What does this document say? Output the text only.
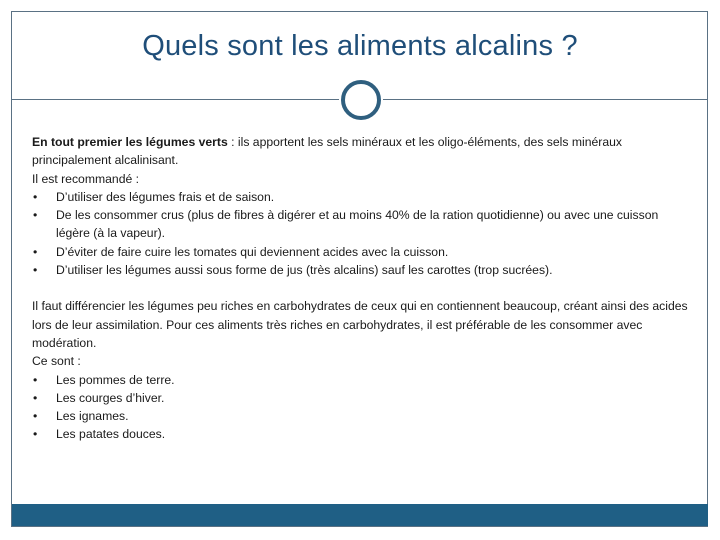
Quels sont les aliments alcalins ?

En tout premier les légumes verts : ils apportent les sels minéraux et les oligo-éléments, des sels minéraux principalement alcalinisant.

Il est recommandé :

• D’utiliser des légumes frais et de saison.
• De les consommer crus (plus de fibres à digérer et au moins 40% de la ration quotidienne) ou avec une cuisson légère (à la vapeur).
• D’éviter de faire cuire les tomates qui deviennent acides avec la cuisson.
• D’utiliser les légumes aussi sous forme de jus (très alcalins) sauf les carottes (trop sucrées).

Il faut différencier les légumes peu riches en carbohydrates de ceux qui en contiennent beaucoup, créant ainsi des acides lors de leur assimilation. Pour ces aliments très riches en carbohydrates, il est préférable de les consommer avec modération.

Ce sont :

• Les pommes de terre.
• Les courges d’hiver.
• Les ignames.
• Les patates douces.
